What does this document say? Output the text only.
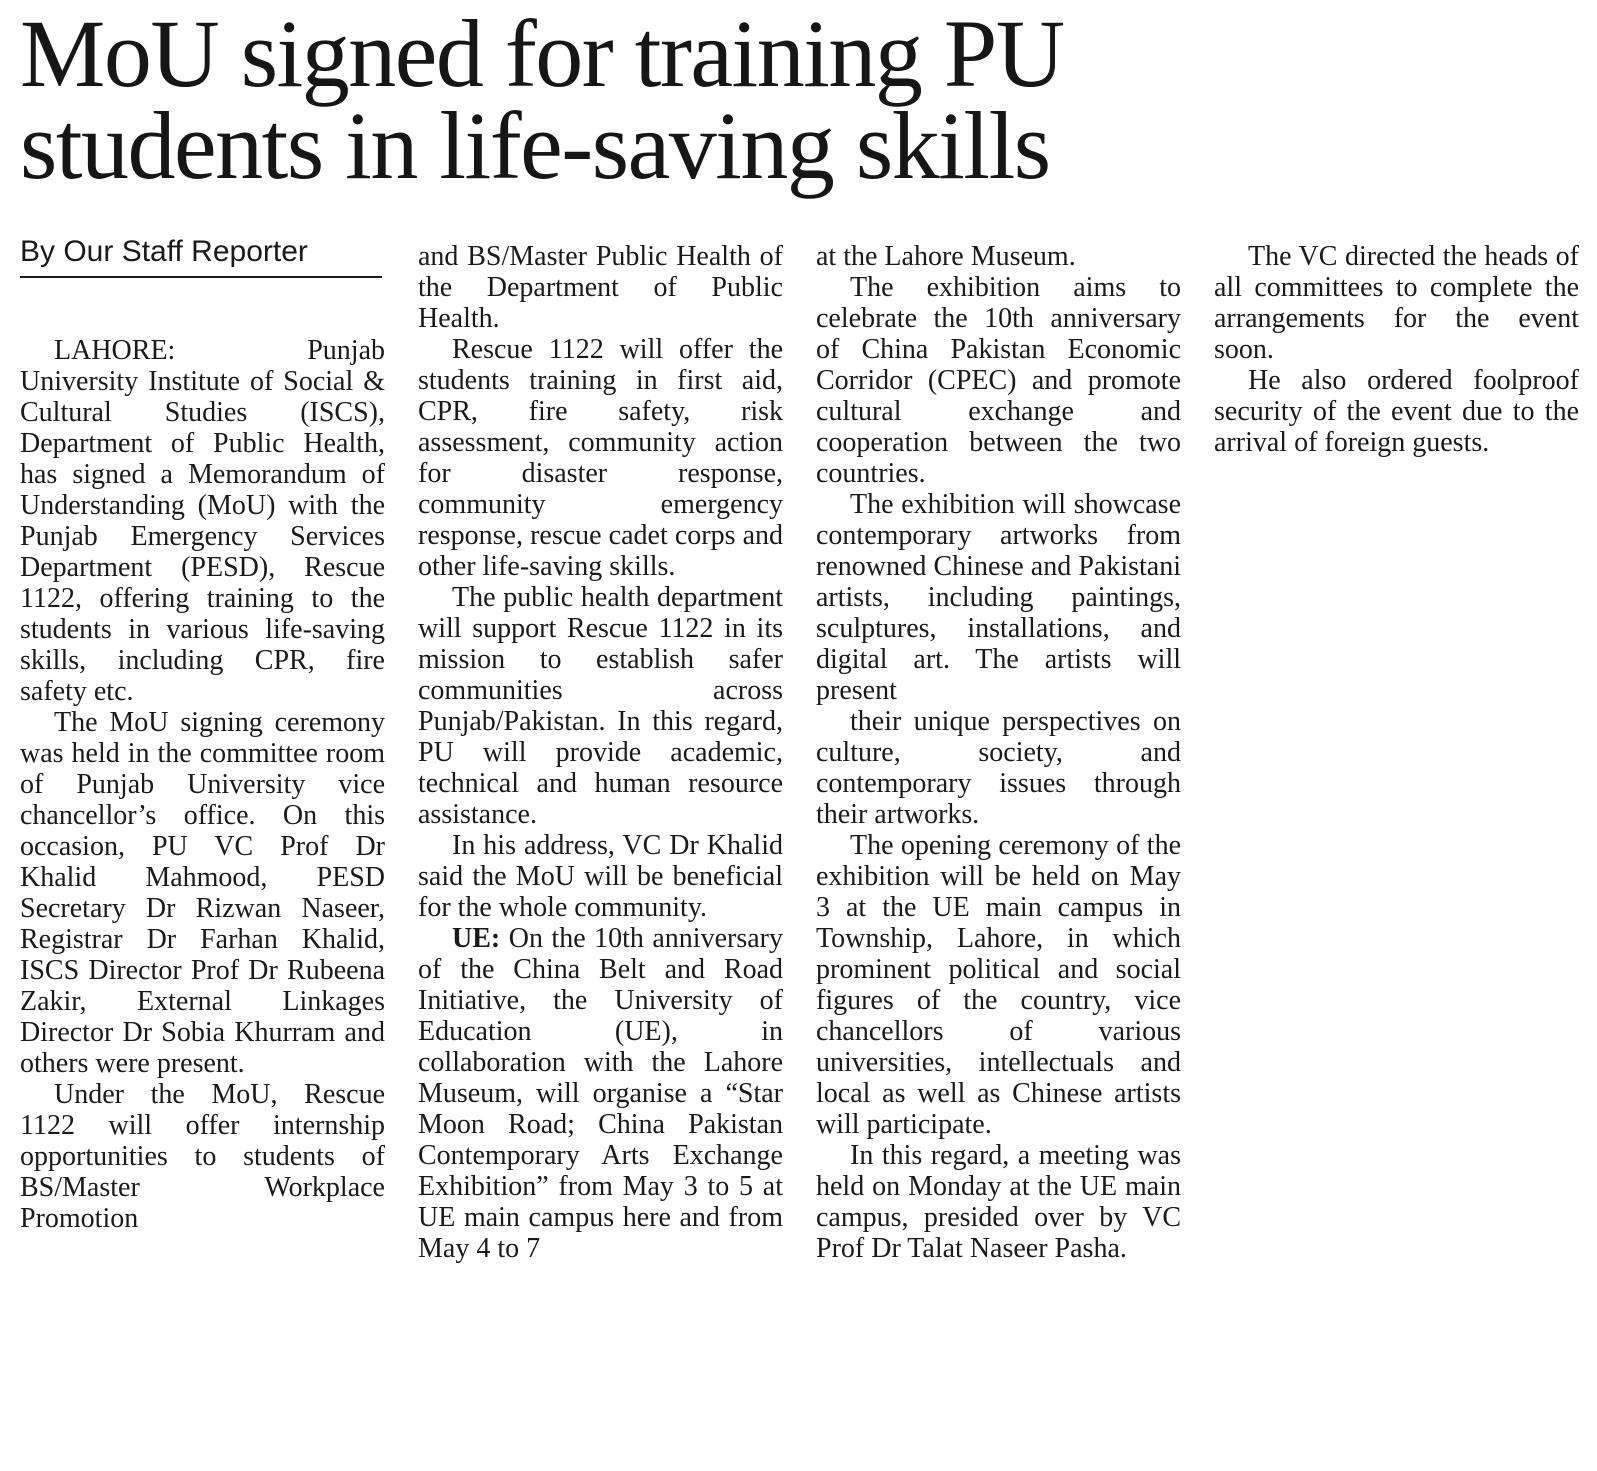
MoU signed for training PU
students in life-saving skills
By Our Staff Reporter

LAHORE: Punjab University Institute of Social & Cultural Studies (ISCS), Department of Public Health, has signed a Memorandum of Understanding (MoU) with the Punjab Emergency Services Department (PESD), Rescue 1122, offering training to the students in various life-saving skills, including CPR, fire safety etc.

The MoU signing ceremony was held in the committee room of Punjab University vice chancellor’s office. On this occasion, PU VC Prof Dr Khalid Mahmood, PESD Secretary Dr Rizwan Naseer, Registrar Dr Farhan Khalid, ISCS Director Prof Dr Rubeena Zakir, External Linkages Director Dr Sobia Khurram and others were present.

Under the MoU, Rescue 1122 will offer internship opportunities to students of BS/Master Workplace Promotion

and BS/Master Public Health of the Department of Public Health.

Rescue 1122 will offer the students training in first aid, CPR, fire safety, risk assessment, community action for disaster response, community emergency response, rescue cadet corps and other life-saving skills.

The public health department will support Rescue 1122 in its mission to establish safer communities across Punjab/Pakistan. In this regard, PU will provide academic, technical and human resource assistance.

In his address, VC Dr Khalid said the MoU will be beneficial for the whole community.

UE: On the 10th anniversary of the China Belt and Road Initiative, the University of Education (UE), in collaboration with the Lahore Museum, will organise a “Star Moon Road; China Pakistan Contemporary Arts Exchange Exhibition” from May 3 to 5 at UE main campus here and from May 4 to 7

at the Lahore Museum.

The exhibition aims to celebrate the 10th anniversary of China Pakistan Economic Corridor (CPEC) and promote cultural exchange and cooperation between the two countries.

The exhibition will showcase contemporary artworks from renowned Chinese and Pakistani artists, including paintings, sculptures, installations, and digital art. The artists will present

their unique perspectives on culture, society, and contemporary issues through their artworks.

The opening ceremony of the exhibition will be held on May 3 at the UE main campus in Township, Lahore, in which prominent political and social figures of the country, vice chancellors of various universities, intellectuals and local as well as Chinese artists will participate.

In this regard, a meeting was held on Monday at the UE main campus, presided over by VC Prof Dr Talat Naseer Pasha.

The VC directed the heads of all committees to complete the arrangements for the event soon.

He also ordered foolproof security of the event due to the arrival of foreign guests.
